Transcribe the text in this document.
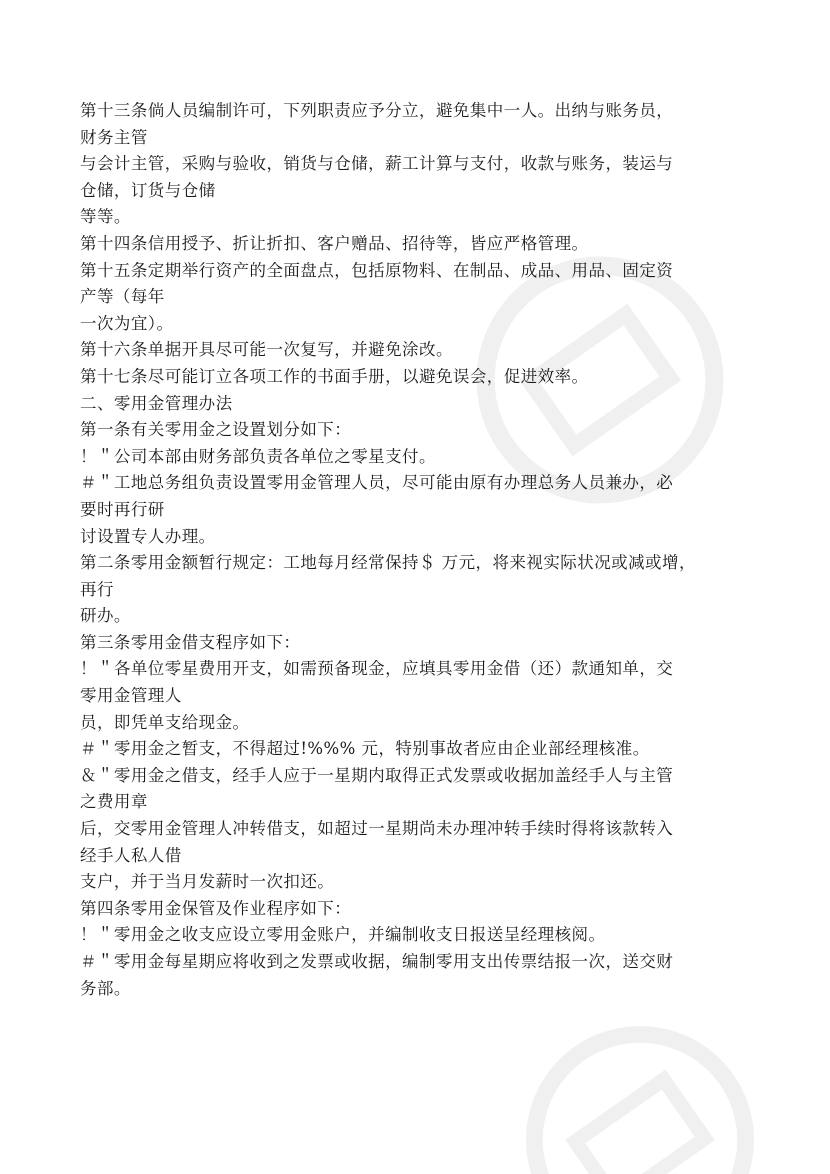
第十三条倘人员编制许可，下列职责应予分立，避免集中一人。出纳与账务员，
财务主管
与会计主管，采购与验收，销货与仓储，薪工计算与支付，收款与账务，装运与
仓储，订货与仓储
等等。
第十四条信用授予、折让折扣、客户赠品、招待等，皆应严格管理。
第十五条定期举行资产的全面盘点，包括原物料、在制品、成品、用品、固定资
产等（每年
一次为宜）。
第十六条单据开具尽可能一次复写，并避免涂改。
第十七条尽可能订立各项工作的书面手册，以避免误会，促进效率。
二、零用金管理办法
第一条有关零用金之设置划分如下：
！＂公司本部由财务部负责各单位之零星支付。
＃＂工地总务组负责设置零用金管理人员，尽可能由原有办理总务人员兼办，必
要时再行研
讨设置专人办理。
第二条零用金额暂行规定：工地每月经常保持＄ 万元，将来视实际状况或减或增，
再行
研办。
第三条零用金借支程序如下：
！＂各单位零星费用开支，如需预备现金，应填具零用金借（还）款通知单，交
零用金管理人
员，即凭单支给现金。
＃＂零用金之暂支，不得超过!%%% 元，特别事故者应由企业部经理核准。
＆＂零用金之借支，经手人应于一星期内取得正式发票或收据加盖经手人与主管
之费用章
后，交零用金管理人冲转借支，如超过一星期尚未办理冲转手续时得将该款转入
经手人私人借
支户，并于当月发薪时一次扣还。
第四条零用金保管及作业程序如下：
！＂零用金之收支应设立零用金账户，并编制收支日报送呈经理核阅。
＃＂零用金每星期应将收到之发票或收据，编制零用支出传票结报一次，送交财
务部。
